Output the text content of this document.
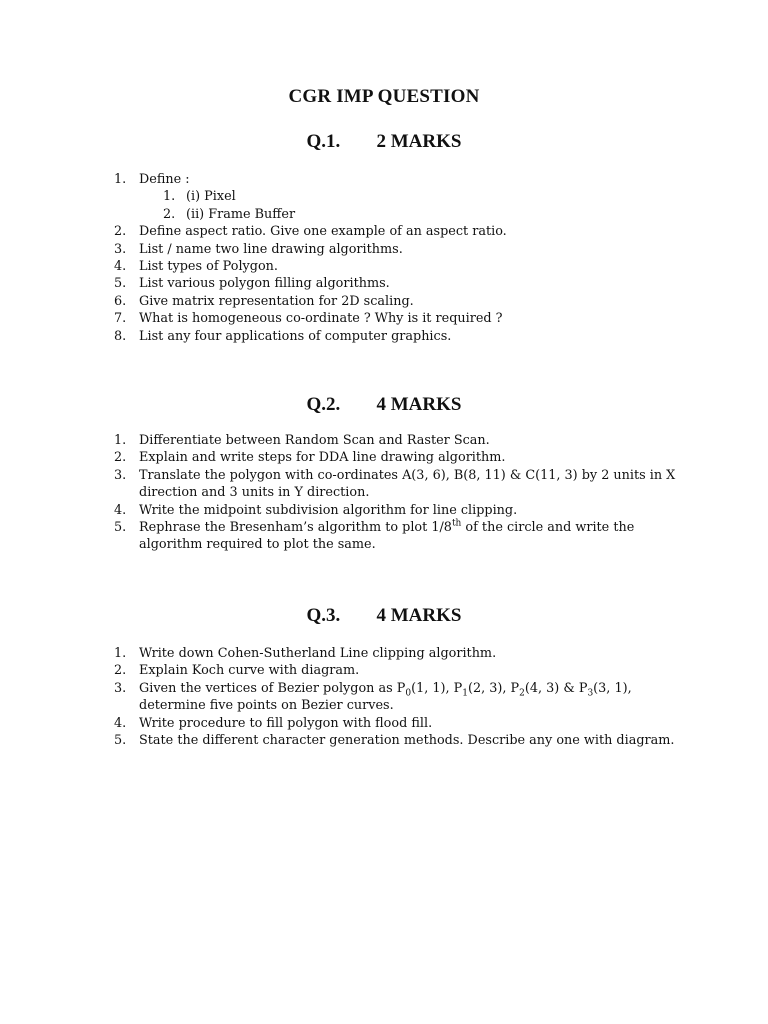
CGR IMP QUESTION
Q.1. 2 MARKS
1. Define :
1. (i) Pixel
2. (ii) Frame Buffer
2. Define aspect ratio. Give one example of an aspect ratio.
3. List / name two line drawing algorithms.
4. List types of Polygon.
5. List various polygon filling algorithms.
6. Give matrix representation for 2D scaling.
7. What is homogeneous co-ordinate ? Why is it required ?
8. List any four applications of computer graphics.
Q.2. 4 MARKS
1. Differentiate between Random Scan and Raster Scan.
2. Explain and write steps for DDA line drawing algorithm.
3. Translate the polygon with co-ordinates A(3, 6), B(8, 11) & C(11, 3) by 2 units in X direction and 3 units in Y direction.
4. Write the midpoint subdivision algorithm for line clipping.
5. Rephrase the Bresenham’s algorithm to plot 1/8th of the circle and write the algorithm required to plot the same.
Q.3. 4 MARKS
1. Write down Cohen-Sutherland Line clipping algorithm.
2. Explain Koch curve with diagram.
3. Given the vertices of Bezier polygon as $P_0(1$, 1), $P_1(2$, 3), $P_2(4$, 3) & $P_3(3$, 1), determine five points on Bezier curves.
4. Write procedure to fill polygon with flood fill.
5. State the different character generation methods. Describe any one with diagram.
